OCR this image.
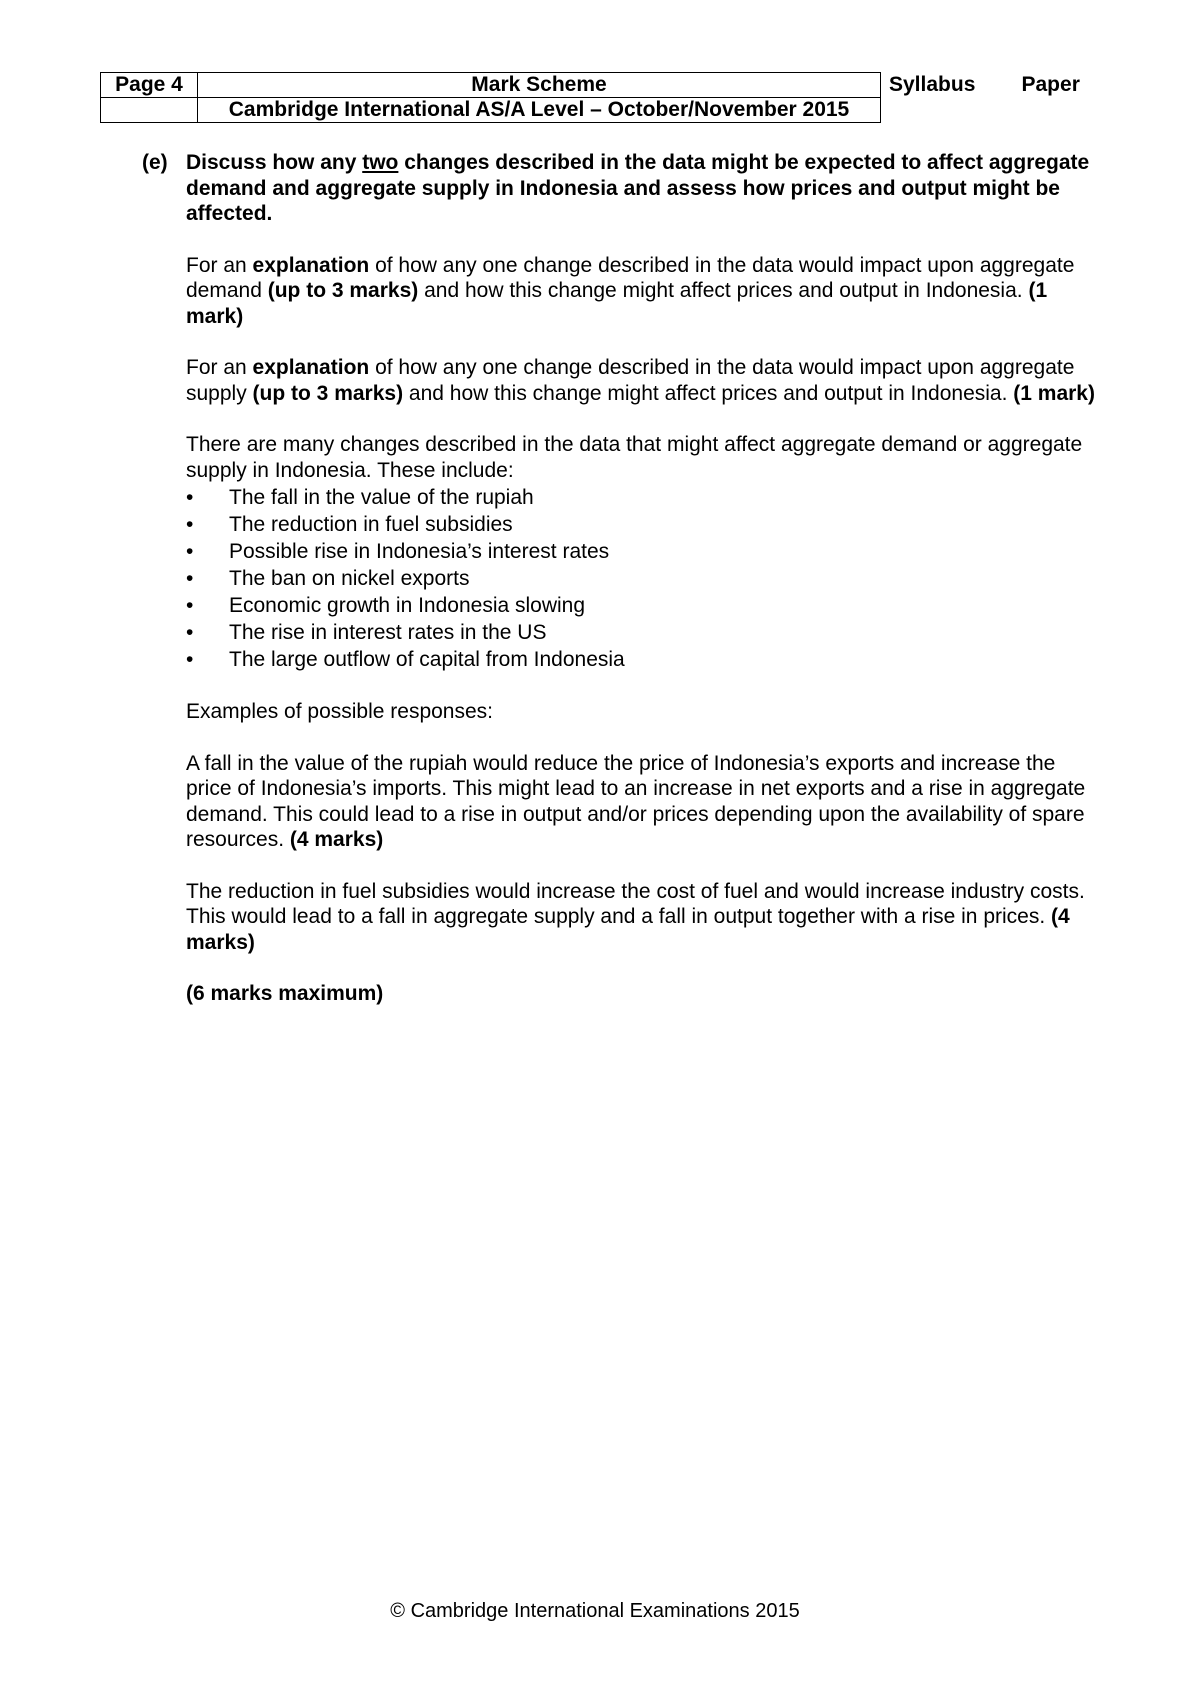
Page 4	Mark Scheme	Syllabus	Paper
	Cambridge International AS/A Level – October/November 2015		
(e) Discuss how any two changes described in the data might be expected to affect aggregate demand and aggregate supply in Indonesia and assess how prices and output might be affected.

For an explanation of how any one change described in the data would impact upon aggregate demand (up to 3 marks) and how this change might affect prices and output in Indonesia. (1 mark)

For an explanation of how any one change described in the data would impact upon aggregate supply (up to 3 marks) and how this change might affect prices and output in Indonesia. (1 mark)

There are many changes described in the data that might affect aggregate demand or aggregate supply in Indonesia. These include:

•	The fall in the value of the rupiah
•	The reduction in fuel subsidies
•	Possible rise in Indonesia’s interest rates
•	The ban on nickel exports
•	Economic growth in Indonesia slowing
•	The rise in interest rates in the US
•	The large outflow of capital from Indonesia

Examples of possible responses:

A fall in the value of the rupiah would reduce the price of Indonesia’s exports and increase the price of Indonesia’s imports. This might lead to an increase in net exports and a rise in aggregate demand. This could lead to a rise in output and/or prices depending upon the availability of spare resources. (4 marks)

The reduction in fuel subsidies would increase the cost of fuel and would increase industry costs. This would lead to a fall in aggregate supply and a fall in output together with a rise in prices. (4 marks)

(6 marks maximum)

© Cambridge International Examinations 2015
